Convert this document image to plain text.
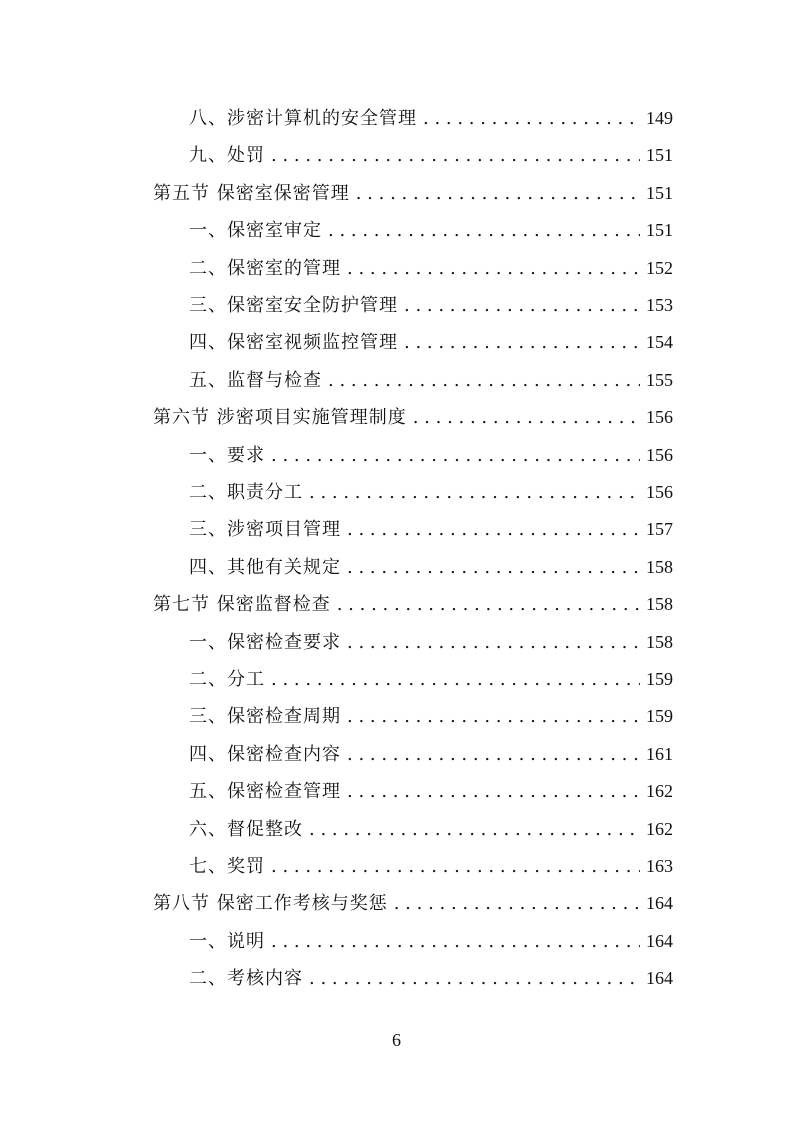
八、涉密计算机的安全管理 . . .	149
九、处罚 . . .	151
第五节 保密室保密管理 . . .	151
一、保密室审定 . . .	151
二、保密室的管理 . . .	152
三、保密室安全防护管理 . . .	153
四、保密室视频监控管理 . . .	154
五、监督与检查 . . .	155
第六节 涉密项目实施管理制度 . . .	156
一、要求 . . .	156
二、职责分工 . . .	156
三、涉密项目管理 . . .	157
四、其他有关规定 . . .	158
第七节 保密监督检查 . . .	158
一、保密检查要求 . . .	158
二、分工 . . .	159
三、保密检查周期 . . .	159
四、保密检查内容 . . .	161
五、保密检查管理 . . .	162
六、督促整改 . . .	162
七、奖罚 . . .	163
第八节 保密工作考核与奖惩 . . .	164
一、说明 . . .	164
二、考核内容 . . .	164
6
